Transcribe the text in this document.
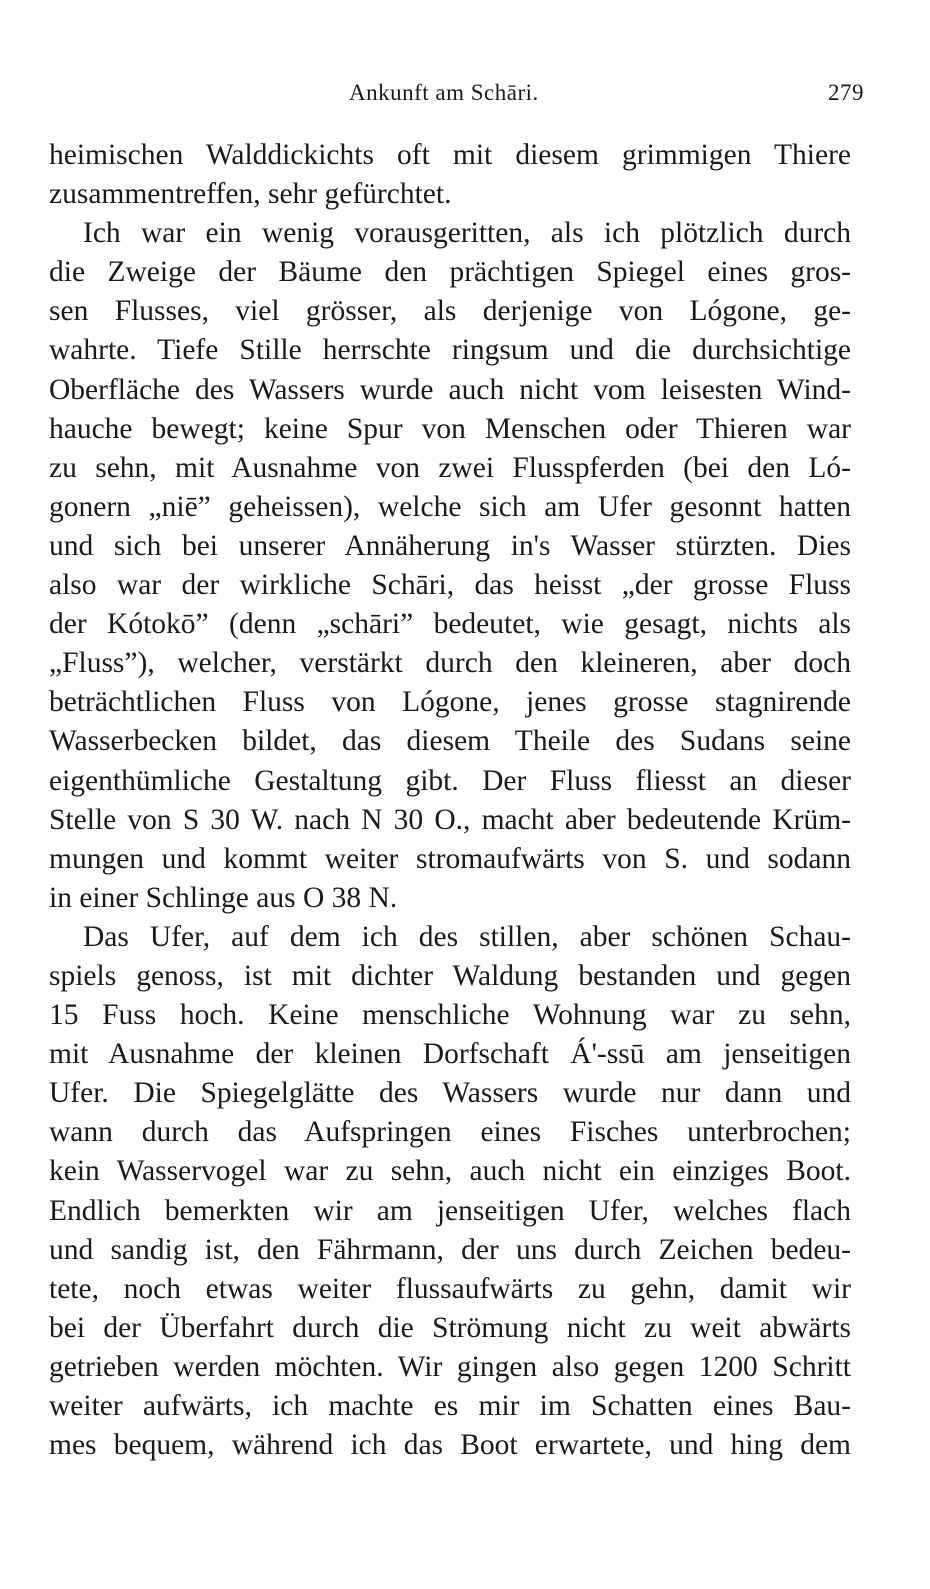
Ankunft am Schāri.	279
heimischen Walddickichts oft mit diesem grimmigen Thiere
zusammentreffen, sehr gefürchtet.
Ich war ein wenig vorausgeritten, als ich plötzlich durch
die Zweige der Bäume den prächtigen Spiegel eines gros-
sen Flusses, viel grösser, als derjenige von Lógone, ge-
wahrte. Tiefe Stille herrschte ringsum und die durchsichtige
Oberfläche des Wassers wurde auch nicht vom leisesten Wind-
hauche bewegt; keine Spur von Menschen oder Thieren war
zu sehn, mit Ausnahme von zwei Flusspferden (bei den Ló-
gonern „niē” geheissen), welche sich am Ufer gesonnt hatten
und sich bei unserer Annäherung in's Wasser stürzten. Dies
also war der wirkliche Schāri, das heisst „der grosse Fluss
der Kótokō” (denn „schāri” bedeutet, wie gesagt, nichts als
„Fluss”), welcher, verstärkt durch den kleineren, aber doch
beträchtlichen Fluss von Lógone, jenes grosse stagnirende
Wasserbecken bildet, das diesem Theile des Sudans seine
eigenthümliche Gestaltung gibt. Der Fluss fliesst an dieser
Stelle von S 30 W. nach N 30 O., macht aber bedeutende Krüm-
mungen und kommt weiter stromaufwärts von S. und sodann
in einer Schlinge aus O 38 N.
Das Ufer, auf dem ich des stillen, aber schönen Schau-
spiels genoss, ist mit dichter Waldung bestanden und gegen
15 Fuss hoch. Keine menschliche Wohnung war zu sehn,
mit Ausnahme der kleinen Dorfschaft Á'-ssū am jenseitigen
Ufer. Die Spiegelglätte des Wassers wurde nur dann und
wann durch das Aufspringen eines Fisches unterbrochen;
kein Wasservogel war zu sehn, auch nicht ein einziges Boot.
Endlich bemerkten wir am jenseitigen Ufer, welches flach
und sandig ist, den Fährmann, der uns durch Zeichen bedeu-
tete, noch etwas weiter flussaufwärts zu gehn, damit wir
bei der Überfahrt durch die Strömung nicht zu weit abwärts
getrieben werden möchten. Wir gingen also gegen 1200 Schritt
weiter aufwärts, ich machte es mir im Schatten eines Bau-
mes bequem, während ich das Boot erwartete, und hing dem
